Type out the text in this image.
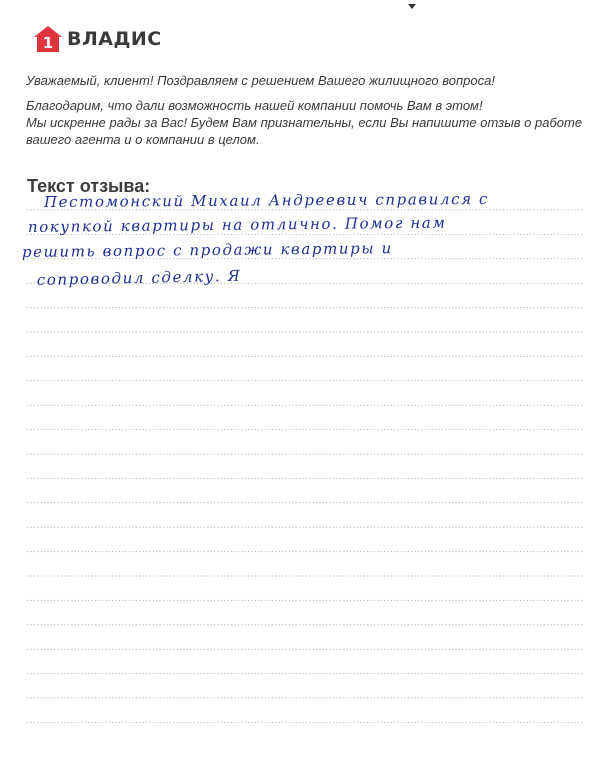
1 ВЛАДИС
Уважаемый, клиент! Поздравляем с решением Вашего жилищного вопроса!
Благодарим, что дали возможность нашей компании помочь Вам в этом!
Мы искренне рады за Вас! Будем Вам признательны, если Вы напишите отзыв о работе
вашего агента и о компании в целом.
Текст отзыва:
Пестомонский Михаил Андреевич справился с
покупкой квартиры на отлично. Помог нам
решить вопрос с продажи квартиры и
сопроводил сделку. Я
